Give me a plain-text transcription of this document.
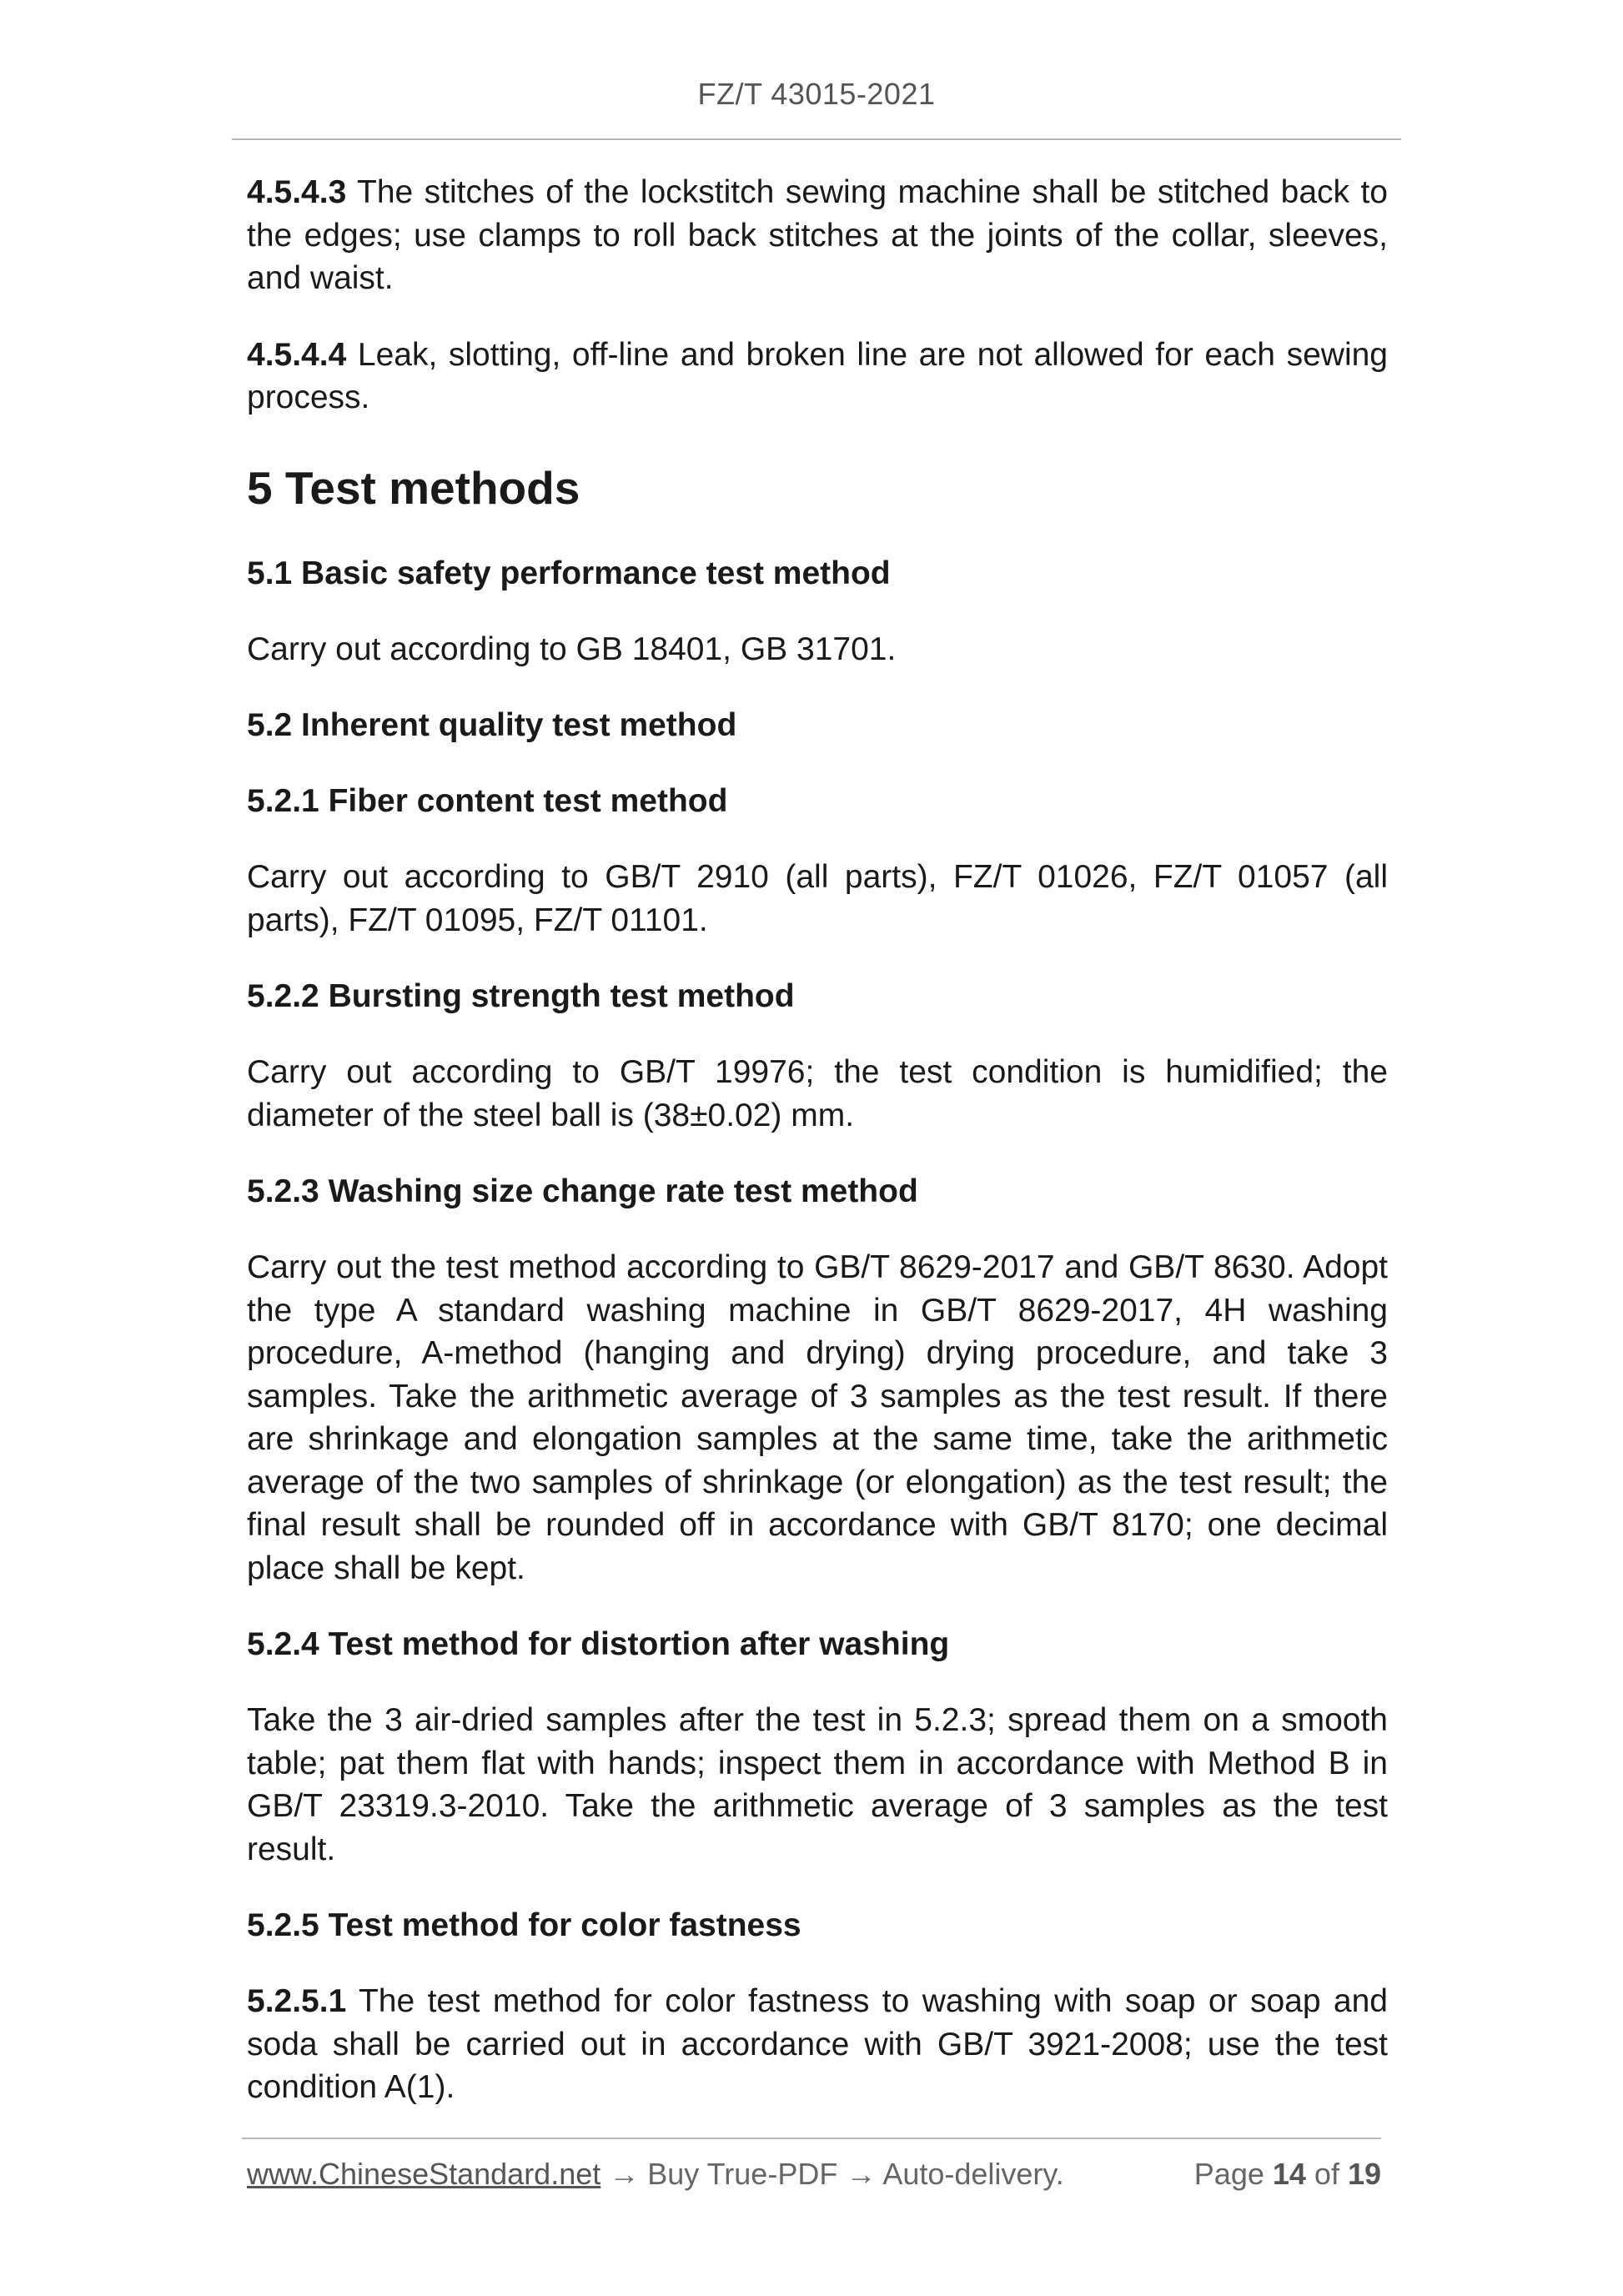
FZ/T 43015-2021

4.5.4.3 The stitches of the lockstitch sewing machine shall be stitched back to the edges; use clamps to roll back stitches at the joints of the collar, sleeves, and waist.

4.5.4.4 Leak, slotting, off-line and broken line are not allowed for each sewing process.

5 Test methods
5.1 Basic safety performance test method

Carry out according to GB 18401, GB 31701.

5.2 Inherent quality test method
5.2.1 Fiber content test method

Carry out according to GB/T 2910 (all parts), FZ/T 01026, FZ/T 01057 (all parts), FZ/T 01095, FZ/T 01101.

5.2.2 Bursting strength test method

Carry out according to GB/T 19976; the test condition is humidified; the diameter of the steel ball is (38±0.02) mm.

5.2.3 Washing size change rate test method

Carry out the test method according to GB/T 8629-2017 and GB/T 8630. Adopt the type A standard washing machine in GB/T 8629-2017, 4H washing procedure, A-method (hanging and drying) drying procedure, and take 3 samples. Take the arithmetic average of 3 samples as the test result. If there are shrinkage and elongation samples at the same time, take the arithmetic average of the two samples of shrinkage (or elongation) as the test result; the final result shall be rounded off in accordance with GB/T 8170; one decimal place shall be kept.

5.2.4 Test method for distortion after washing

Take the 3 air-dried samples after the test in 5.2.3; spread them on a smooth table; pat them flat with hands; inspect them in accordance with Method B in GB/T 23319.3-2010. Take the arithmetic average of 3 samples as the test result.

5.2.5 Test method for color fastness

5.2.5.1 The test method for color fastness to washing with soap or soap and soda shall be carried out in accordance with GB/T 3921-2008; use the test condition A(1).

www.ChineseStandard.net → Buy True-PDF → Auto-delivery.	Page 14 of 19
